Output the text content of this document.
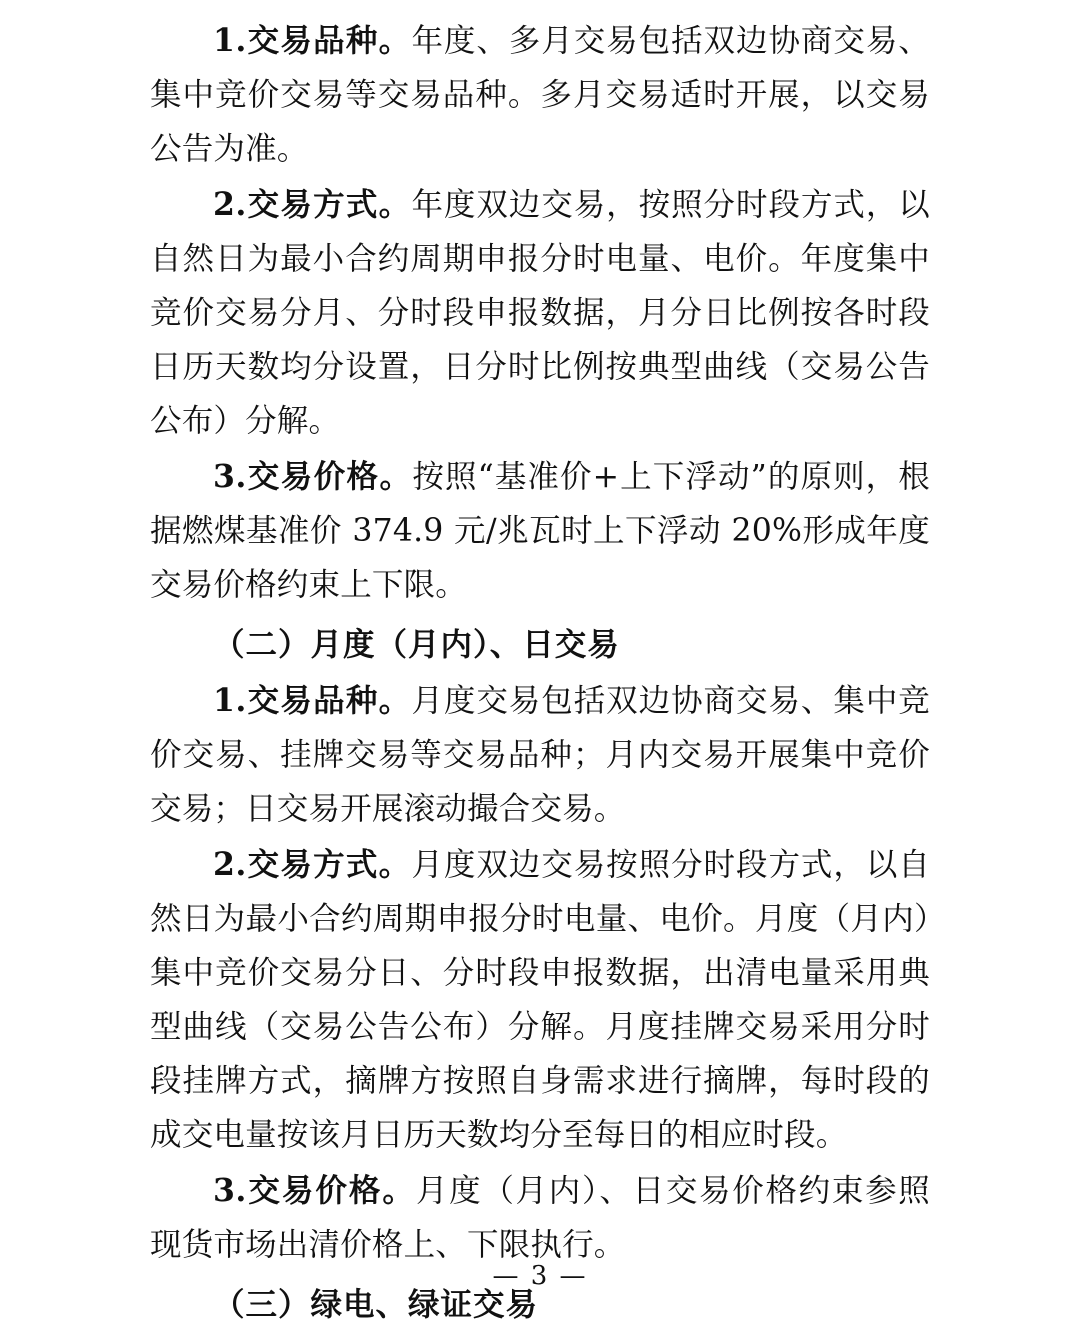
1.交易品种。年度、多月交易包括双边协商交易、集中竞价交易等交易品种。多月交易适时开展，以交易公告为准。

2.交易方式。年度双边交易，按照分时段方式，以自然日为最小合约周期申报分时电量、电价。年度集中竞价交易分月、分时段申报数据，月分日比例按各时段日历天数均分设置，日分时比例按典型曲线（交易公告公布）分解。

3.交易价格。按照“基准价+上下浮动”的原则，根据燃煤基准价 374.9 元/兆瓦时上下浮动 20%形成年度交易价格约束上下限。

（二）月度（月内）、日交易

1.交易品种。月度交易包括双边协商交易、集中竞价交易、挂牌交易等交易品种；月内交易开展集中竞价交易；日交易开展滚动撮合交易。

2.交易方式。月度双边交易按照分时段方式，以自然日为最小合约周期申报分时电量、电价。月度（月内）集中竞价交易分日、分时段申报数据，出清电量采用典型曲线（交易公告公布）分解。月度挂牌交易采用分时段挂牌方式，摘牌方按照自身需求进行摘牌，每时段的成交电量按该月日历天数均分至每日的相应时段。

3.交易价格。月度（月内）、日交易价格约束参照现货市场出清价格上、下限执行。

（三）绿电、绿证交易
— 3 —
